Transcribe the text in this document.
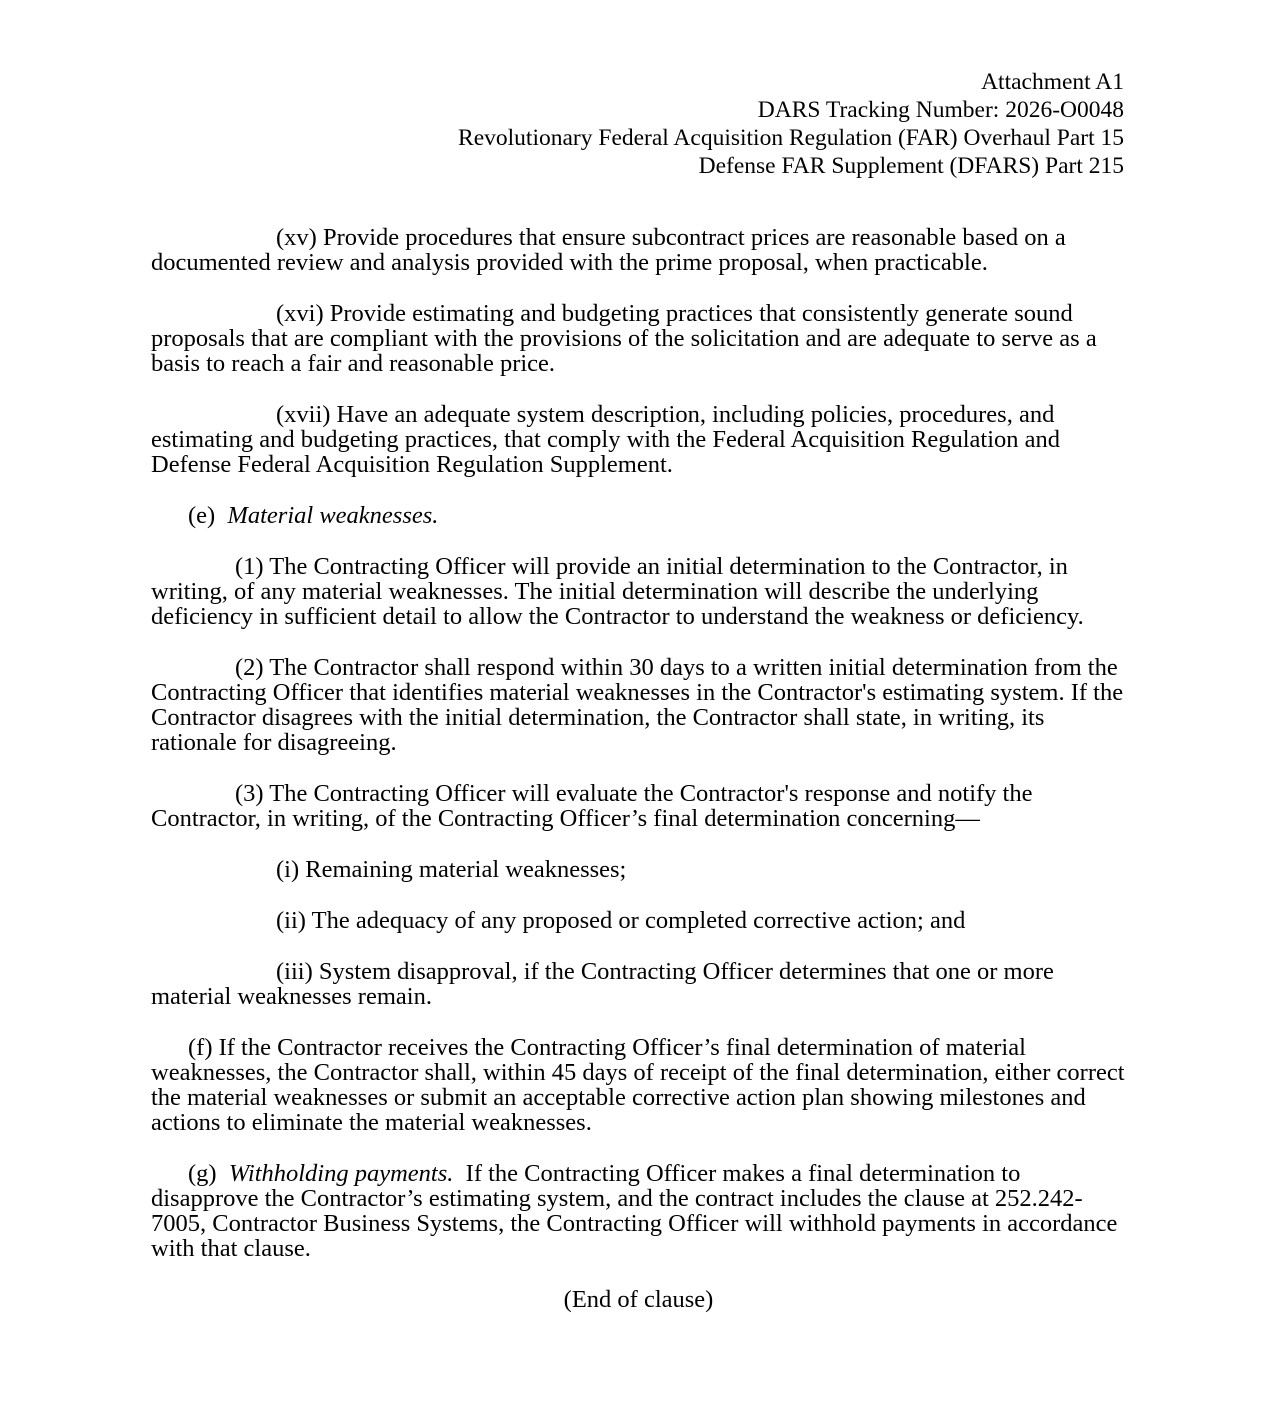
Attachment A1
DARS Tracking Number: 2026-O0048
Revolutionary Federal Acquisition Regulation (FAR) Overhaul Part 15
Defense FAR Supplement (DFARS) Part 215

(xv) Provide procedures that ensure subcontract prices are reasonable based on a documented review and analysis provided with the prime proposal, when practicable.

(xvi) Provide estimating and budgeting practices that consistently generate sound proposals that are compliant with the provisions of the solicitation and are adequate to serve as a basis to reach a fair and reasonable price.

(xvii) Have an adequate system description, including policies, procedures, and estimating and budgeting practices, that comply with the Federal Acquisition Regulation and Defense Federal Acquisition Regulation Supplement.

(e) Material weaknesses.

(1) The Contracting Officer will provide an initial determination to the Contractor, in writing, of any material weaknesses. The initial determination will describe the underlying deficiency in sufficient detail to allow the Contractor to understand the weakness or deficiency.

(2) The Contractor shall respond within 30 days to a written initial determination from the Contracting Officer that identifies material weaknesses in the Contractor's estimating system. If the Contractor disagrees with the initial determination, the Contractor shall state, in writing, its rationale for disagreeing.

(3) The Contracting Officer will evaluate the Contractor's response and notify the Contractor, in writing, of the Contracting Officer’s final determination concerning—

(i) Remaining material weaknesses;

(ii) The adequacy of any proposed or completed corrective action; and

(iii) System disapproval, if the Contracting Officer determines that one or more material weaknesses remain.

(f) If the Contractor receives the Contracting Officer’s final determination of material weaknesses, the Contractor shall, within 45 days of receipt of the final determination, either correct the material weaknesses or submit an acceptable corrective action plan showing milestones and actions to eliminate the material weaknesses.

(g) Withholding payments. If the Contracting Officer makes a final determination to disapprove the Contractor’s estimating system, and the contract includes the clause at 252.242-7005, Contractor Business Systems, the Contracting Officer will withhold payments in accordance with that clause.

(End of clause)
